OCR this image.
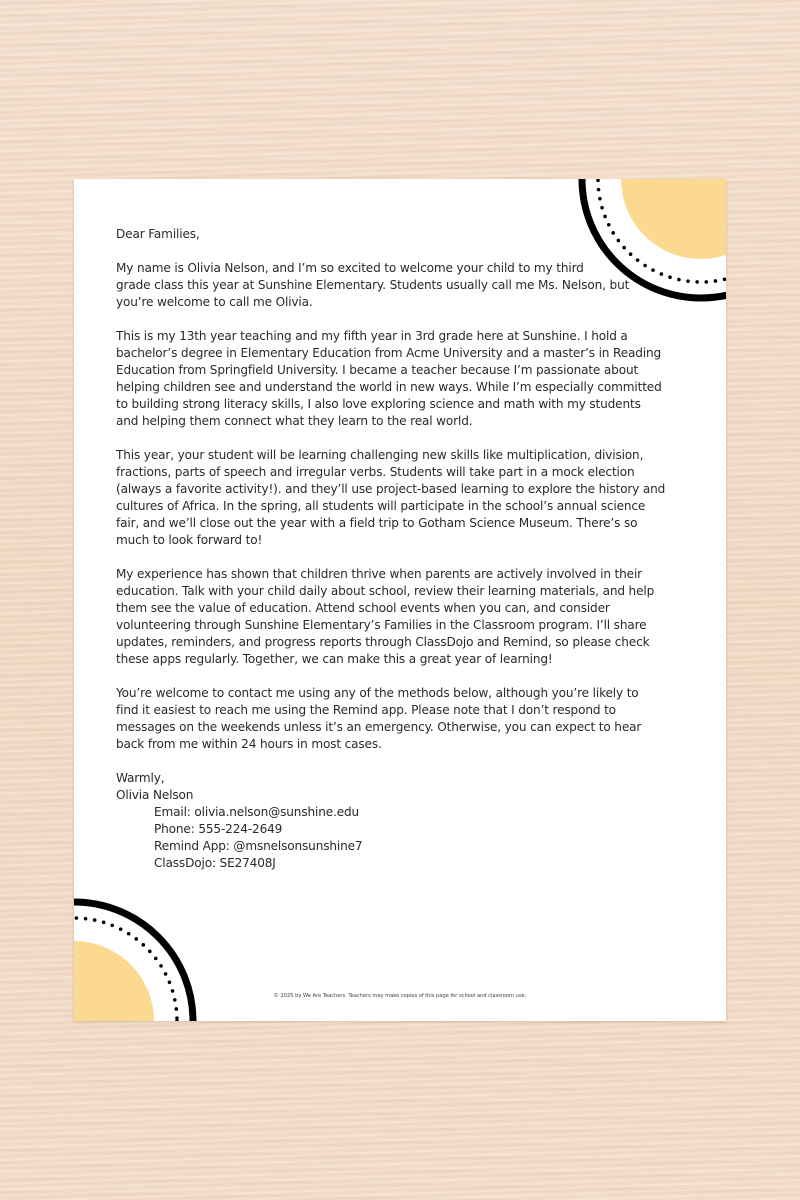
Dear Families,

My name is Olivia Nelson, and I’m so excited to welcome your child to my third
grade class this year at Sunshine Elementary. Students usually call me Ms. Nelson, but
you’re welcome to call me Olivia.

This is my 13th year teaching and my fifth year in 3rd grade here at Sunshine. I hold a
bachelor’s degree in Elementary Education from Acme University and a master’s in Reading
Education from Springfield University. I became a teacher because I’m passionate about
helping children see and understand the world in new ways. While I’m especially committed
to building strong literacy skills, I also love exploring science and math with my students
and helping them connect what they learn to the real world.

This year, your student will be learning challenging new skills like multiplication, division,
fractions, parts of speech and irregular verbs. Students will take part in a mock election
(always a favorite activity!). and they’ll use project-based learning to explore the history and
cultures of Africa. In the spring, all students will participate in the school’s annual science
fair, and we’ll close out the year with a field trip to Gotham Science Museum. There’s so
much to look forward to!

My experience has shown that children thrive when parents are actively involved in their
education. Talk with your child daily about school, review their learning materials, and help
them see the value of education. Attend school events when you can, and consider
volunteering through Sunshine Elementary’s Families in the Classroom program. I’ll share
updates, reminders, and progress reports through ClassDojo and Remind, so please check
these apps regularly. Together, we can make this a great year of learning!

You’re welcome to contact me using any of the methods below, although you’re likely to
find it easiest to reach me using the Remind app. Please note that I don’t respond to
messages on the weekends unless it’s an emergency. Otherwise, you can expect to hear
back from me within 24 hours in most cases.

Warmly,
Olivia Nelson
Email: olivia.nelson@sunshine.edu
Phone: 555-224-2649
Remind App: @msnelsonsunshine7
ClassDojo: SE27408J
© 2025 by We Are Teachers. Teachers may make copies of this page for school and classroom use.
